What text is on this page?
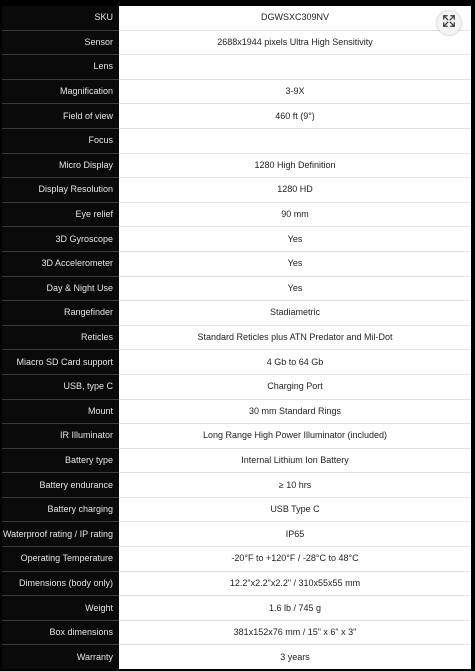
SKU	DGWSXC309NV
Sensor	2688x1944 pixels Ultra High Sensitivity
Lens	
Magnification	3-9X
Field of view	460 ft (9°)
Focus	
Micro Display	1280 High Definition
Display Resolution	1280 HD
Eye relief	90 mm
3D Gyroscope	Yes
3D Accelerometer	Yes
Day & Night Use	Yes
Rangefinder	Stadiametric
Reticles	Standard Reticles plus ATN Predator and Mil-Dot
Miacro SD Card support	4 Gb to 64 Gb
USB, type C	Charging Port
Mount	30 mm Standard Rings
IR Illuminator	Long Range High Power Illuminator (included)
Battery type	Internal Lithium Ion Battery
Battery endurance	≥ 10 hrs
Battery charging	USB Type C
Waterproof rating / IP rating	IP65
Operating Temperature	-20°F to +120°F / -28°C to 48°C
Dimensions (body only)	12.2"x2.2"x2.2" / 310x55x55 mm
Weight	1.6 lb / 745 g
Box dimensions	381x152x76 mm / 15" x 6" x 3"
Warranty	3 years
